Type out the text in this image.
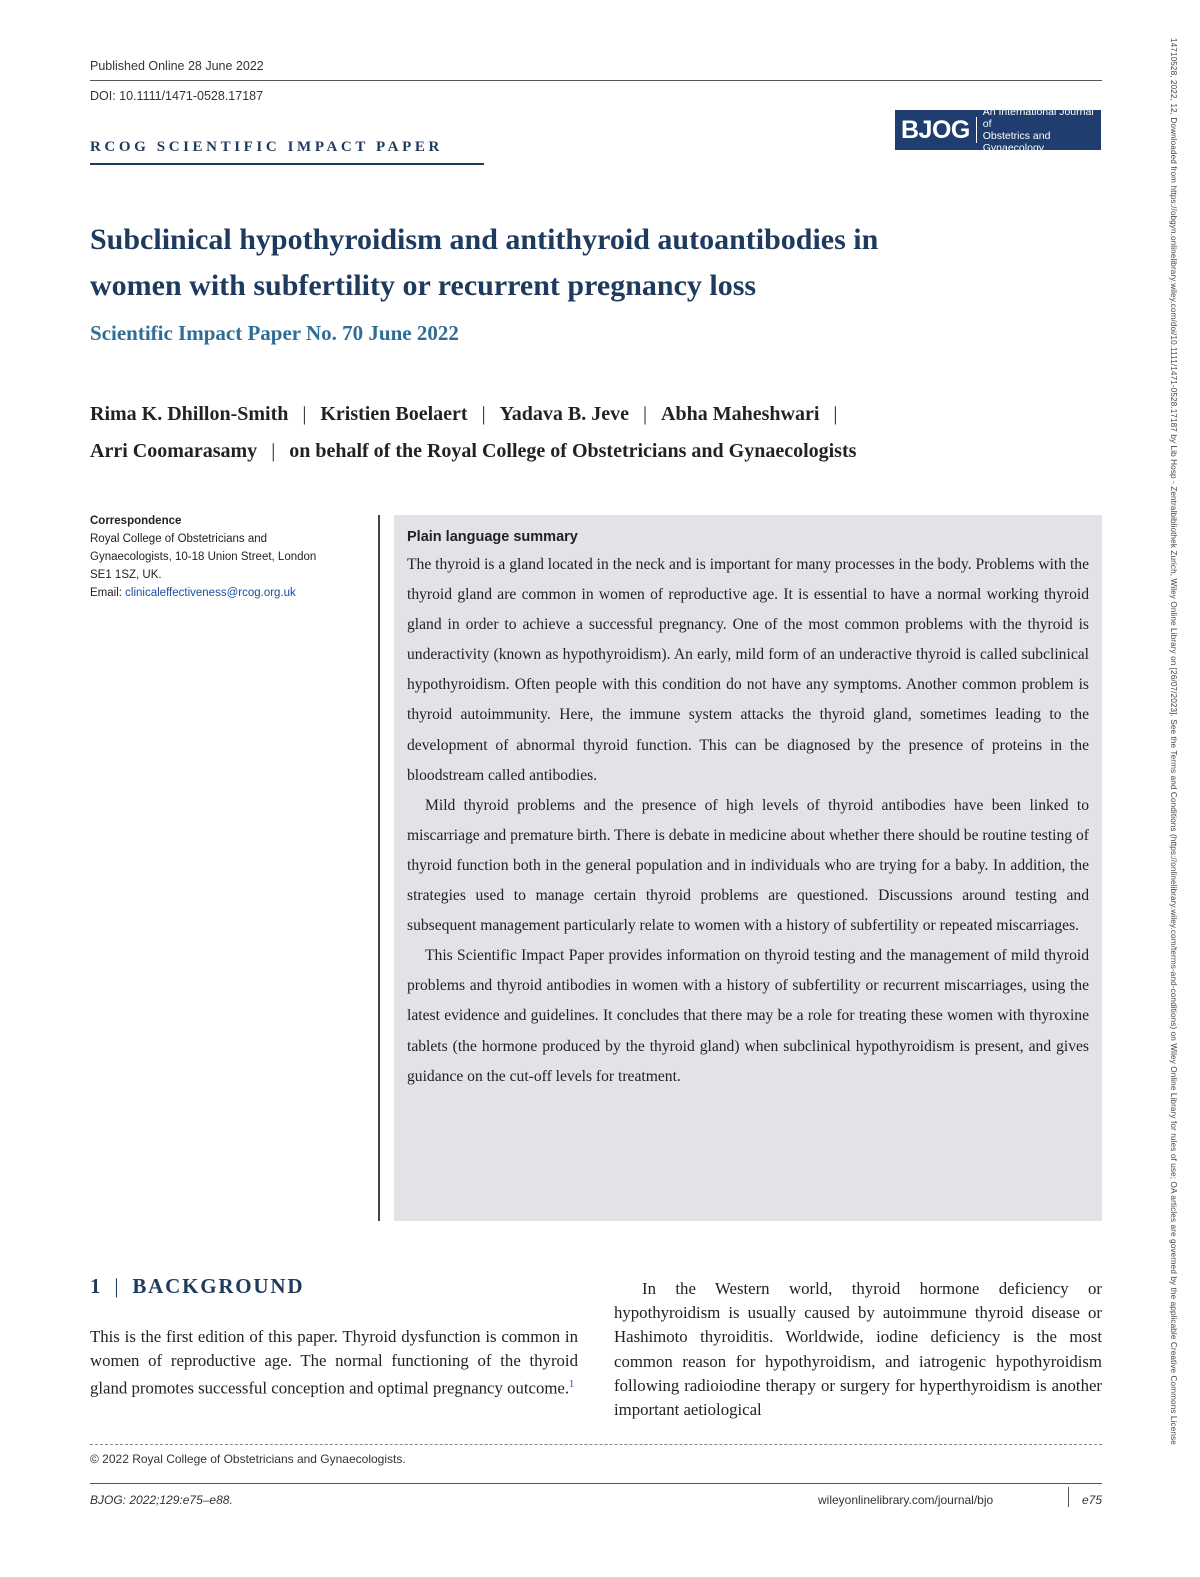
Published Online 28 June 2022
DOI: 10.1111/1471-0528.17187
RCOG SCIENTIFIC IMPACT PAPER
BJOG
An International Journal of
Obstetrics and Gynaecology
Subclinical hypothyroidism and antithyroid autoantibodies in
women with subfertility or recurrent pregnancy loss
Scientific Impact Paper No. 70 June 2022
Rima K. Dhillon-Smith | Kristien Boelaert | Yadava B. Jeve | Abha Maheshwari |
Arri Coomarasamy | on behalf of the Royal College of Obstetricians and Gynaecologists
Correspondence
Royal College of Obstetricians and
Gynaecologists, 10-18 Union Street, London
SE1 1SZ, UK.
Email: clinicaleffectiveness@rcog.org.uk
Plain language summary

The thyroid is a gland located in the neck and is important for many processes in the body. Problems with the thyroid gland are common in women of reproductive age. It is essential to have a normal working thyroid gland in order to achieve a successful pregnancy. One of the most common problems with the thyroid is underactivity (known as hypothyroidism). An early, mild form of an underactive thyroid is called subclinical hypothyroidism. Often people with this condition do not have any symptoms. Another common problem is thyroid autoimmunity. Here, the immune system attacks the thyroid gland, sometimes leading to the development of abnormal thyroid function. This can be diagnosed by the presence of proteins in the bloodstream called antibodies.

Mild thyroid problems and the presence of high levels of thyroid antibodies have been linked to miscarriage and premature birth. There is debate in medicine about whether there should be routine testing of thyroid function both in the general population and in individuals who are trying for a baby. In addition, the strategies used to manage certain thyroid problems are questioned. Discussions around testing and subsequent management particularly relate to women with a history of subfertility or repeated miscarriages.

This Scientific Impact Paper provides information on thyroid testing and the management of mild thyroid problems and thyroid antibodies in women with a history of subfertility or recurrent miscarriages, using the latest evidence and guidelines. It concludes that there may be a role for treating these women with thyroxine tablets (the hormone produced by the thyroid gland) when subclinical hypothyroidism is present, and gives guidance on the cut-off levels for treatment.

1 | BACKGROUND

This is the first edition of this paper. Thyroid dysfunction is common in women of reproductive age. The normal functioning of the thyroid gland promotes successful conception and optimal pregnancy outcome.$^1$

In the Western world, thyroid hormone deficiency or hypothyroidism is usually caused by autoimmune thyroid disease or Hashimoto thyroiditis. Worldwide, iodine deficiency is the most common reason for hypothyroidism, and iatrogenic hypothyroidism following radioiodine therapy or surgery for hyperthyroidism is another important aetiological

© 2022 Royal College of Obstetricians and Gynaecologists.
BJOG: 2022;129:e75–e88.	wileyonlinelibrary.com/journal/bjo	e75
14710528, 2022, 12, Downloaded from https://obgyn.onlinelibrary.wiley.com/doi/10.1111/1471-0528.17187 by Lib Hosp - Zentralbibliothek Zurich, Wiley Online Library on [26/07/2023]. See the Terms and Conditions (https://onlinelibrary.wiley.com/terms-and-conditions) on Wiley Online Library for rules of use; OA articles are governed by the applicable Creative Commons License
